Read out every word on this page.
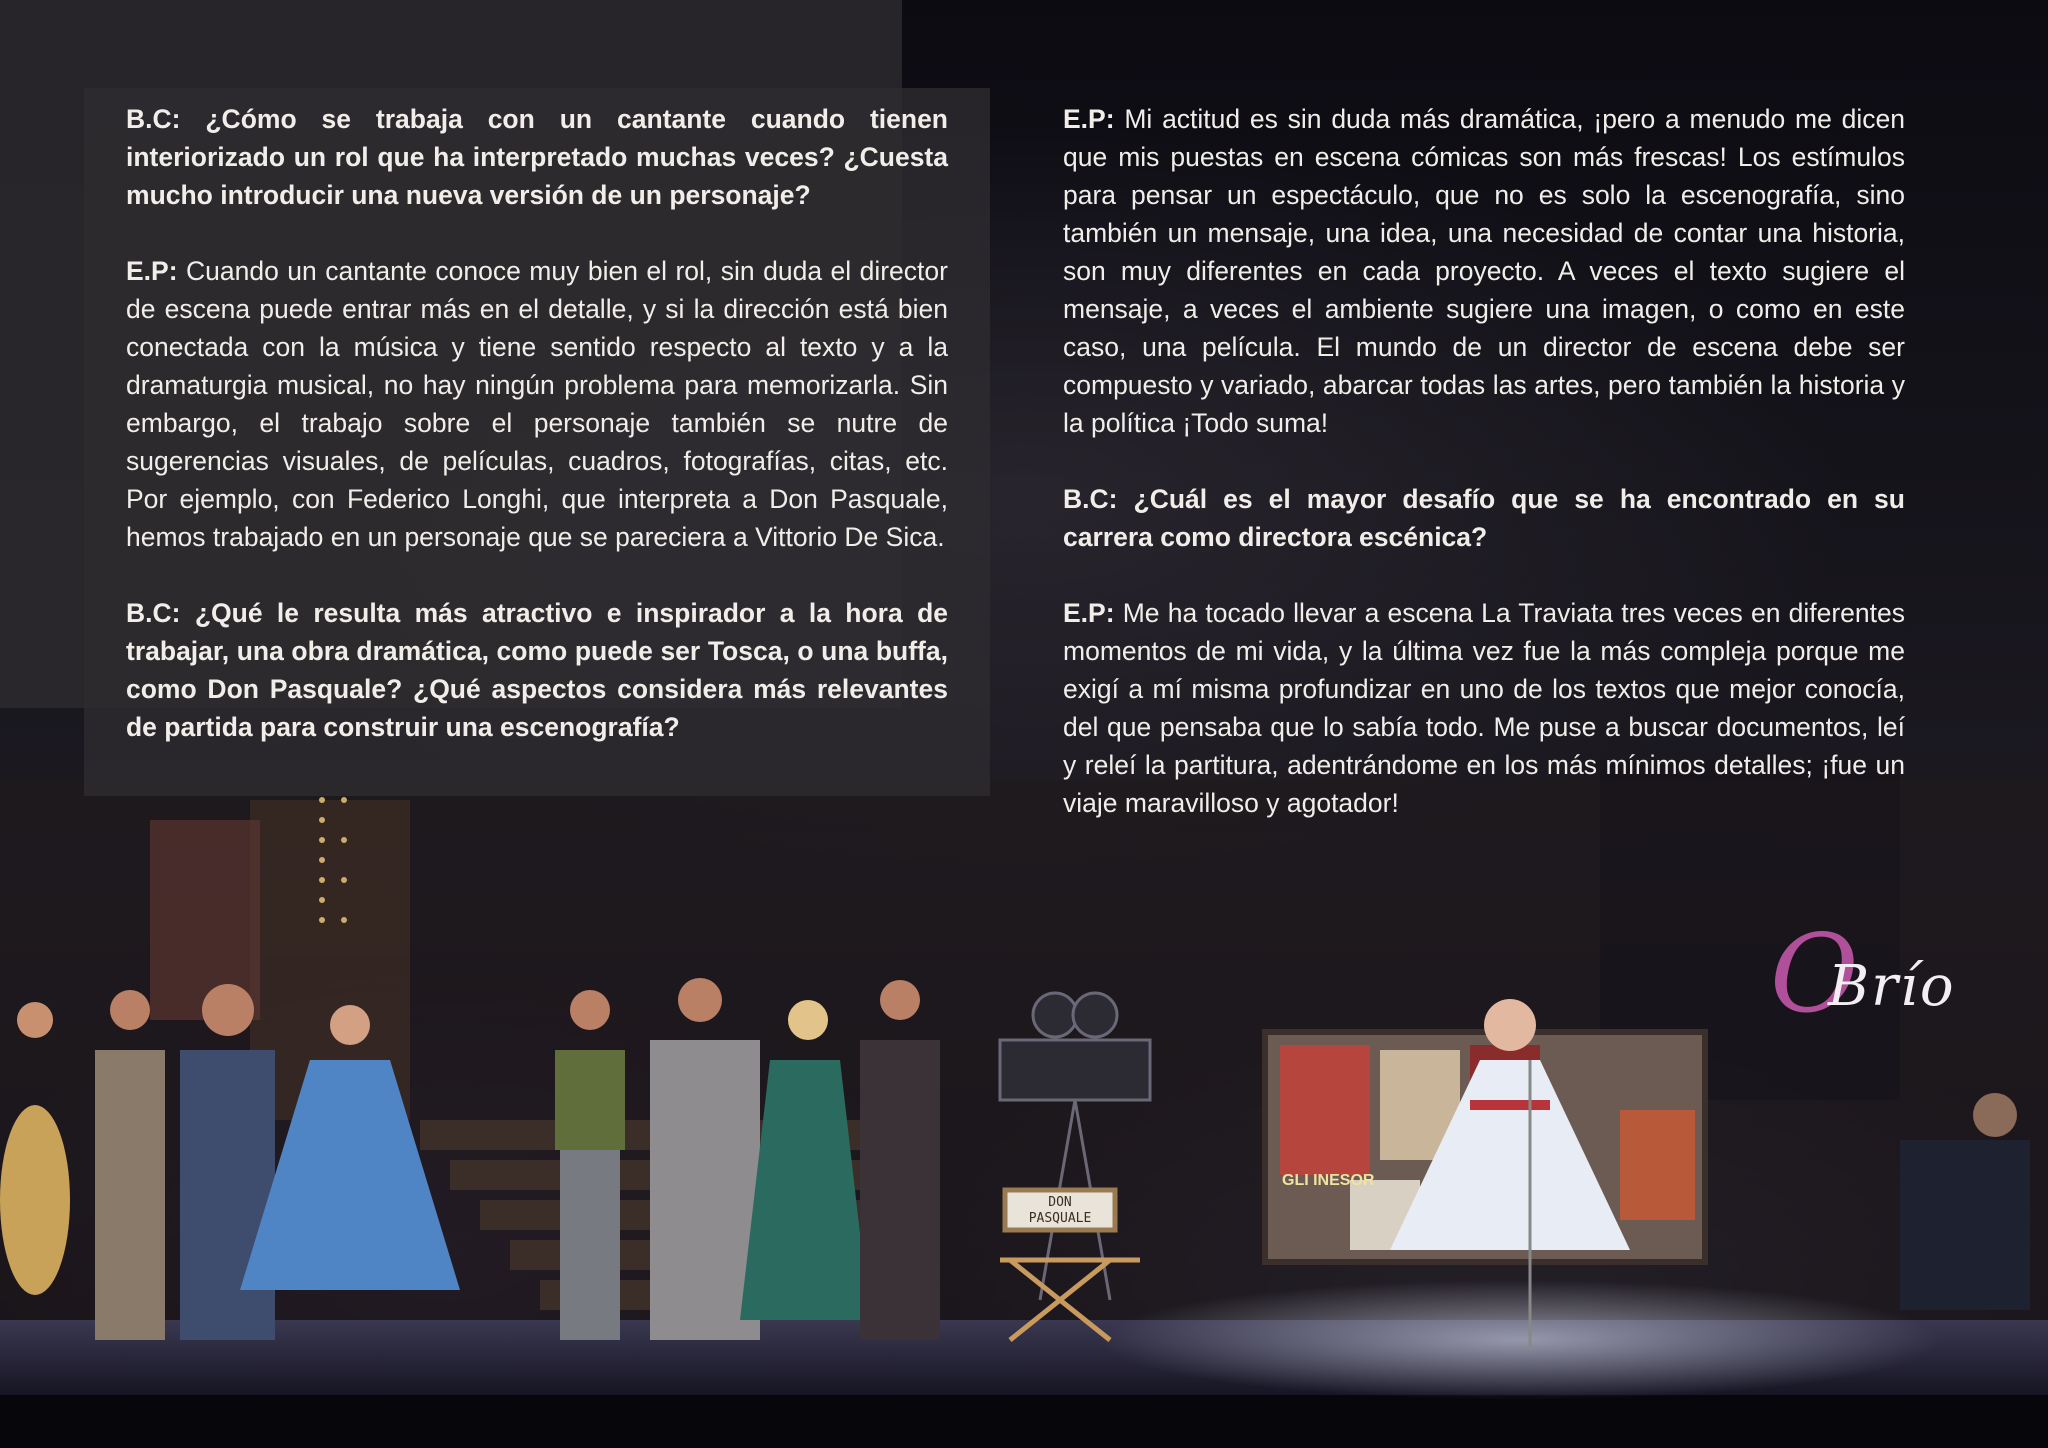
DON
PASQUALE
GLI INESOR

B.C: ¿Cómo se trabaja con un cantante cuando tienen interiorizado un rol que ha interpretado muchas veces? ¿Cuesta mucho introducir una nueva versión de un personaje?

E.P: Cuando un cantante conoce muy bien el rol, sin duda el director de escena puede entrar más en el detalle, y si la dirección está bien conectada con la música y tiene sentido respecto al texto y a la dramaturgia musical, no hay ningún problema para memorizarla. Sin embargo, el trabajo sobre el personaje también se nutre de sugerencias visuales, de películas, cuadros, fotografías, citas, etc. Por ejemplo, con Federico Longhi, que interpreta a Don Pasquale, hemos trabajado en un personaje que se pareciera a Vittorio De Sica.

B.C: ¿Qué le resulta más atractivo e inspirador a la hora de trabajar, una obra dramática, como puede ser Tosca, o una buffa, como Don Pasquale? ¿Qué aspectos considera más relevantes de partida para construir una escenografía?

E.P: Mi actitud es sin duda más dramática, ¡pero a menudo me dicen que mis puestas en escena cómicas son más frescas! Los estímulos para pensar un espectáculo, que no es solo la escenografía, sino también un mensaje, una idea, una necesidad de contar una historia, son muy diferentes en cada proyecto. A veces el texto sugiere el mensaje, a veces el ambiente sugiere una imagen, o como en este caso, una película. El mundo de un director de escena debe ser compuesto y variado, abarcar todas las artes, pero también la historia y la política ¡Todo suma!

B.C: ¿Cuál es el mayor desafío que se ha encontrado en su carrera como directora escénica?

E.P: Me ha tocado llevar a escena La Traviata tres veces en diferentes momentos de mi vida, y la última vez fue la más compleja porque me exigí a mí misma profundizar en uno de los textos que mejor conocía, del que pensaba que lo sabía todo. Me puse a buscar documentos, leí y releí la partitura, adentrándome en los más mínimos detalles; ¡fue un viaje maravilloso y agotador!

O
Brío
